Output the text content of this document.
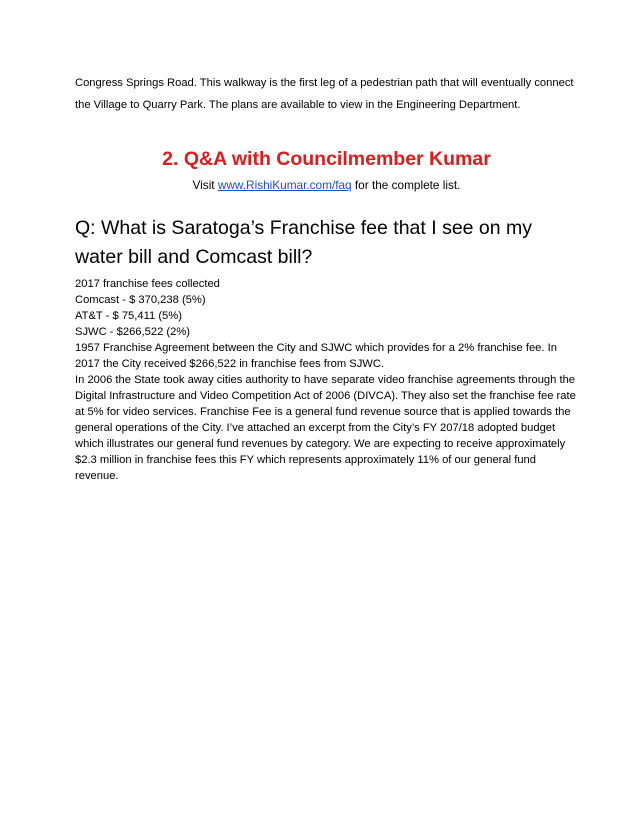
Congress Springs Road. This walkway is the first leg of a pedestrian path that will eventually connect the Village to Quarry Park. The plans are available to view in the Engineering Department.

2. Q&A with Councilmember Kumar

Visit www.RishiKumar.com/faq for the complete list.

Q: What is Saratoga’s Franchise fee that I see on my water bill and Comcast bill?

2017 franchise fees collected

Comcast - $ 370,238 (5%)

AT&T - $ 75,411 (5%)

SJWC - $266,522 (2%)

1957 Franchise Agreement between the City and SJWC which provides for a 2% franchise fee. In 2017 the City received $266,522 in franchise fees from SJWC.

In 2006 the State took away cities authority to have separate video franchise agreements through the Digital Infrastructure and Video Competition Act of 2006 (DIVCA). They also set the franchise fee rate at 5% for video services. Franchise Fee is a general fund revenue source that is applied towards the general operations of the City. I’ve attached an excerpt from the City’s FY 207/18 adopted budget which illustrates our general fund revenues by category. We are expecting to receive approximately $2.3 million in franchise fees this FY which represents approximately 11% of our general fund revenue.
